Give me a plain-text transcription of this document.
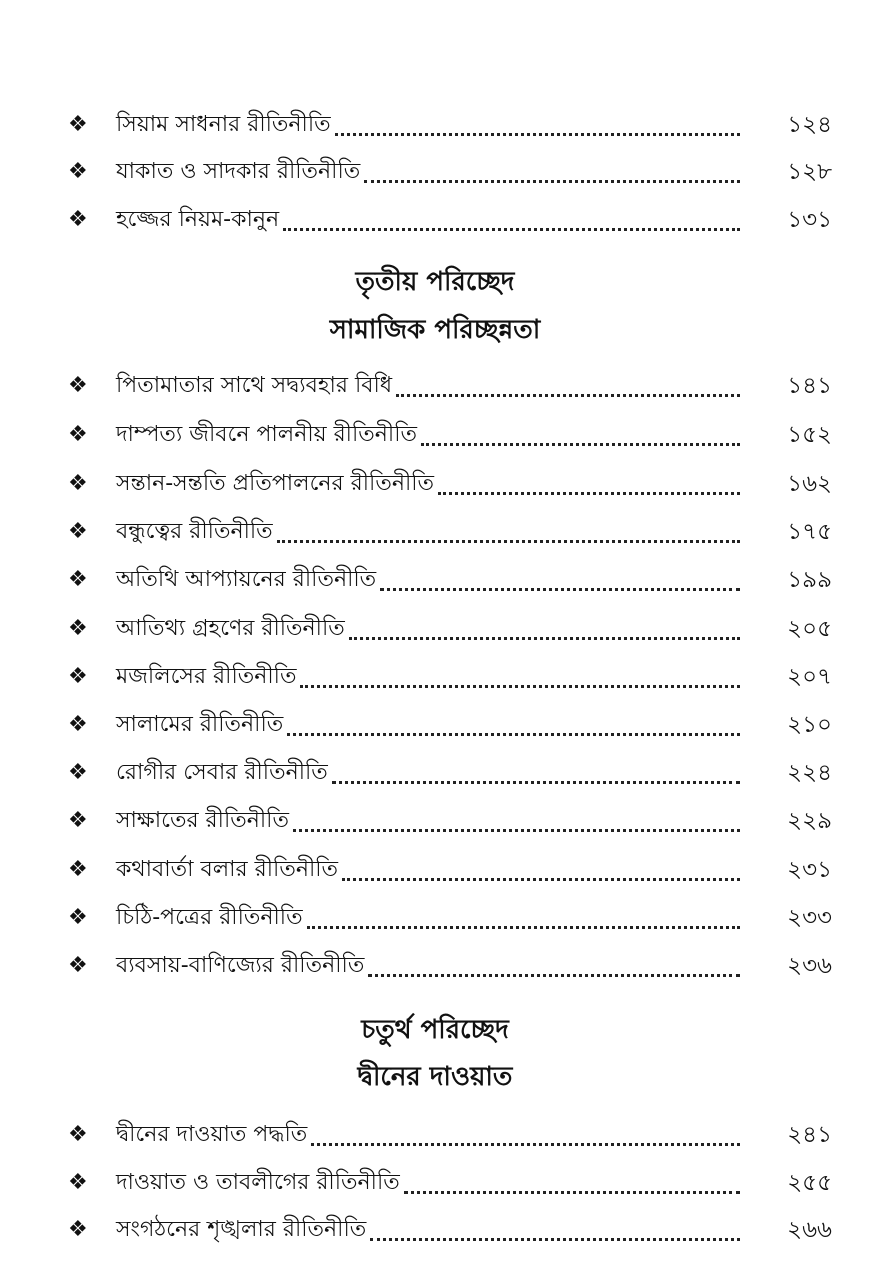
❖	সিয়াম সাধনার রীতিনীতি	১২৪
❖	যাকাত ও সাদকার রীতিনীতি	১২৮
❖	হজ্জের নিয়ম-কানুন	১৩১
তৃতীয় পরিচ্ছেদ
সামাজিক পরিচ্ছন্নতা
❖	পিতামাতার সাথে সদ্ব্যবহার বিধি	১৪১
❖	দাম্পত্য জীবনে পালনীয় রীতিনীতি	১৫২
❖	সন্তান-সন্ততি প্রতিপালনের রীতিনীতি	১৬২
❖	বন্ধুত্বের রীতিনীতি	১৭৫
❖	অতিথি আপ্যায়নের রীতিনীতি	১৯৯
❖	আতিথ্য গ্রহণের রীতিনীতি	২০৫
❖	মজলিসের রীতিনীতি	২০৭
❖	সালামের রীতিনীতি	২১০
❖	রোগীর সেবার রীতিনীতি	২২৪
❖	সাক্ষাতের রীতিনীতি	২২৯
❖	কথাবার্তা বলার রীতিনীতি	২৩১
❖	চিঠি-পত্রের রীতিনীতি	২৩৩
❖	ব্যবসায়-বাণিজ্যের রীতিনীতি	২৩৬
চতুর্থ পরিচ্ছেদ
দ্বীনের দাওয়াত
❖	দ্বীনের দাওয়াত পদ্ধতি	২৪১
❖	দাওয়াত ও তাবলীগের রীতিনীতি	২৫৫
❖	সংগঠনের শৃঙ্খলার রীতিনীতি	২৬৬
